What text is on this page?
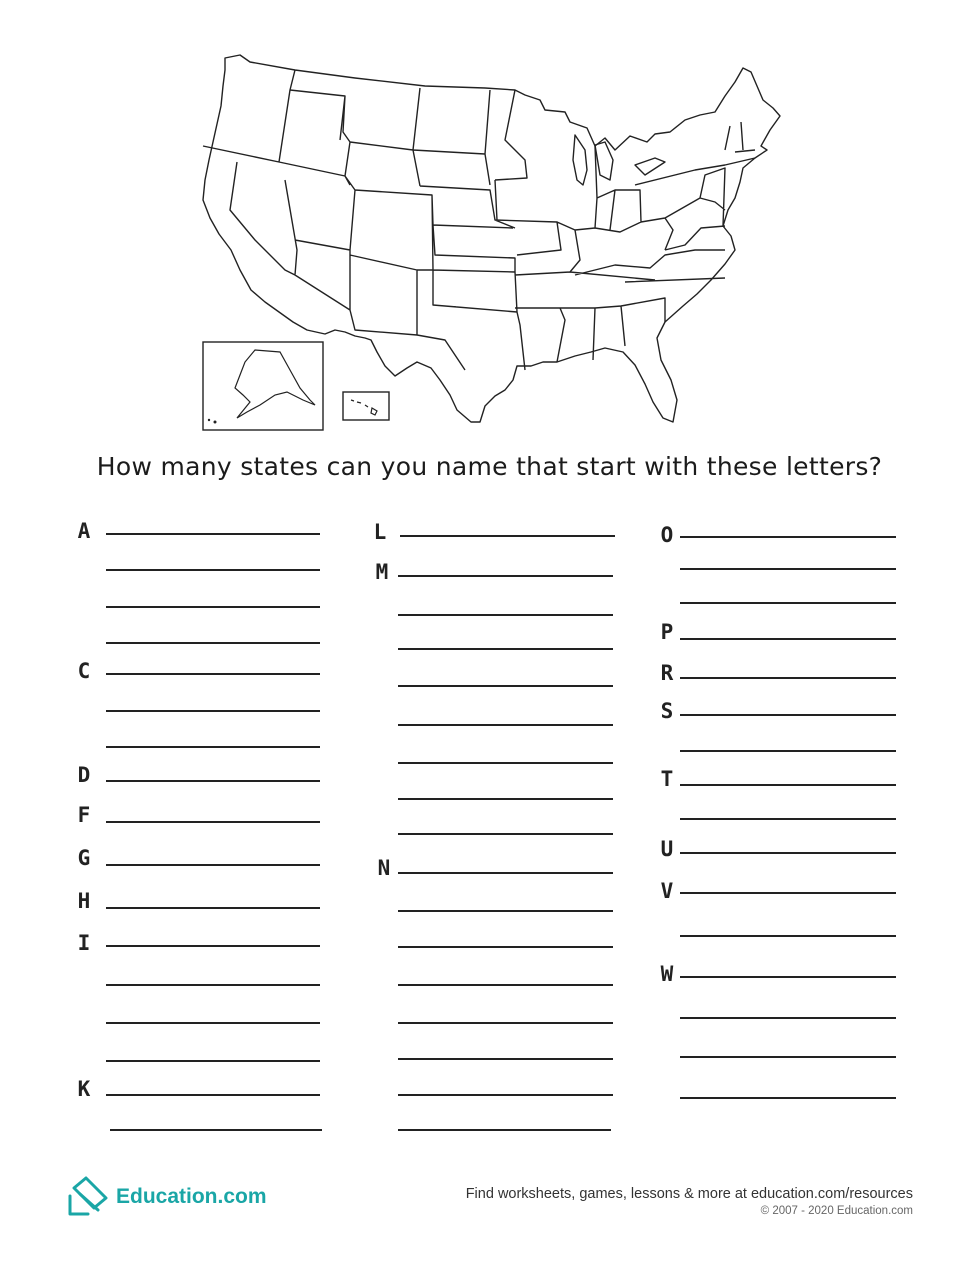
How many states can you name that start with these letters?
A
C
D
F
G
H
I
K
L
M
N
O
P
R
S
T
U
V
W
Education.com	Find worksheets, games, lessons & more at education.com/resources
© 2007 - 2020 Education.com
